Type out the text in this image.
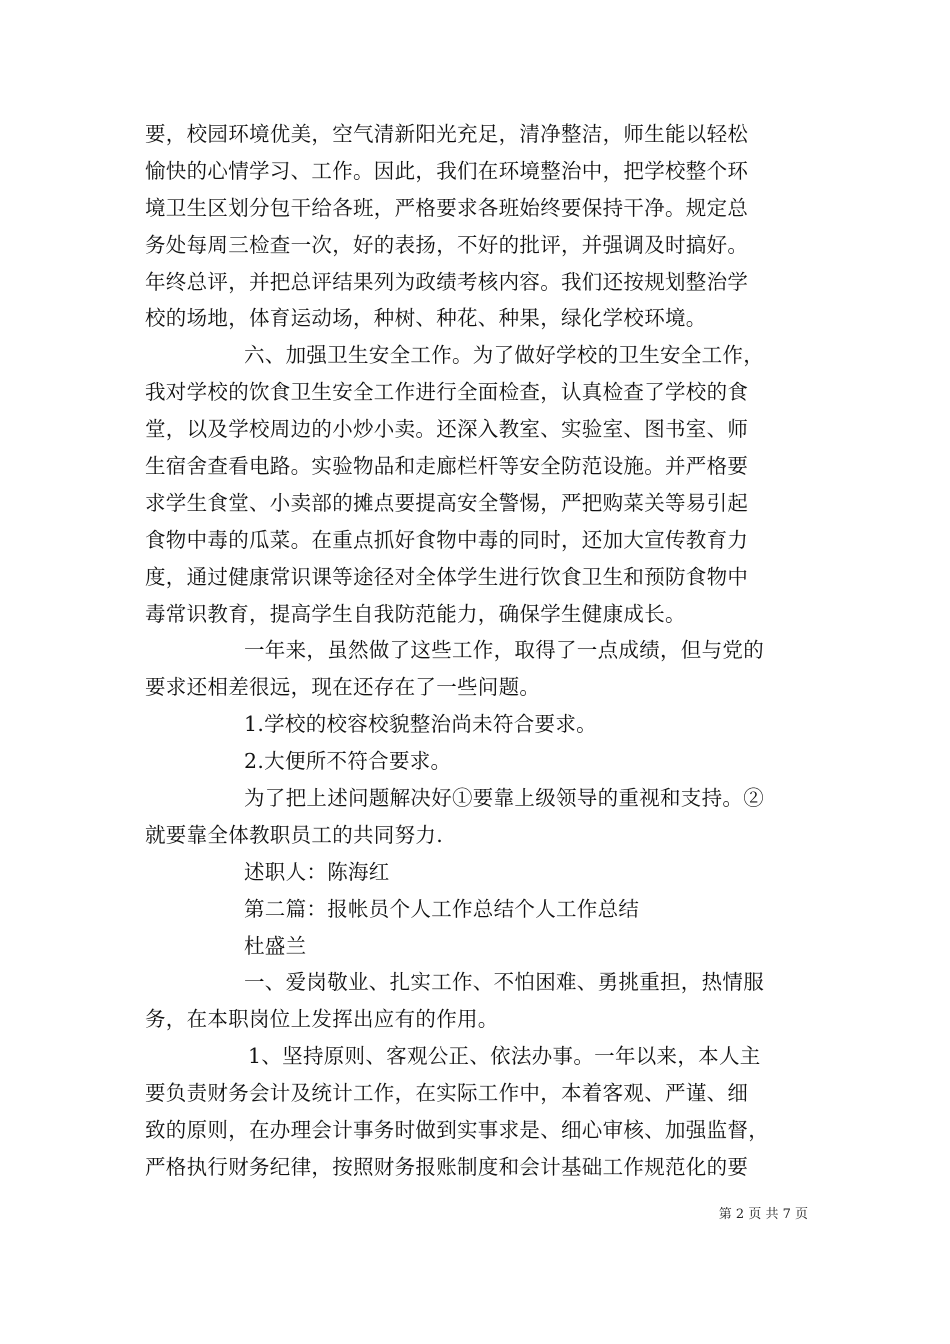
要，校园环境优美，空气清新阳光充足，清净整洁，师生能以轻松
愉快的心情学习、工作。因此，我们在环境整治中，把学校整个环
境卫生区划分包干给各班，严格要求各班始终要保持干净。规定总
务处每周三检查一次，好的表扬，不好的批评，并强调及时搞好。
年终总评，并把总评结果列为政绩考核内容。我们还按规划整治学
校的场地，体育运动场，种树、种花、种果，绿化学校环境。
六、加强卫生安全工作。为了做好学校的卫生安全工作，
我对学校的饮食卫生安全工作进行全面检查，认真检查了学校的食
堂，以及学校周边的小炒小卖。还深入教室、实验室、图书室、师
生宿舍查看电路。实验物品和走廊栏杆等安全防范设施。并严格要
求学生食堂、小卖部的摊点要提高安全警惕，严把购菜关等易引起
食物中毒的瓜菜。在重点抓好食物中毒的同时，还加大宣传教育力
度，通过健康常识课等途径对全体学生进行饮食卫生和预防食物中
毒常识教育，提高学生自我防范能力，确保学生健康成长。
一年来，虽然做了这些工作，取得了一点成绩，但与党的
要求还相差很远，现在还存在了一些问题。
1.学校的校容校貌整治尚未符合要求。
2.大便所不符合要求。
为了把上述问题解决好①要靠上级领导的重视和支持。②
就要靠全体教职员工的共同努力.
述职人：陈海红
第二篇：报帐员个人工作总结个人工作总结
杜盛兰
一、爱岗敬业、扎实工作、不怕困难、勇挑重担，热情服
务，在本职岗位上发挥出应有的作用。
1、坚持原则、客观公正、依法办事。一年以来，本人主
要负责财务会计及统计工作，在实际工作中，本着客观、严谨、细
致的原则，在办理会计事务时做到实事求是、细心审核、加强监督，
严格执行财务纪律，按照财务报账制度和会计基础工作规范化的要
第 2 页 共 7 页
